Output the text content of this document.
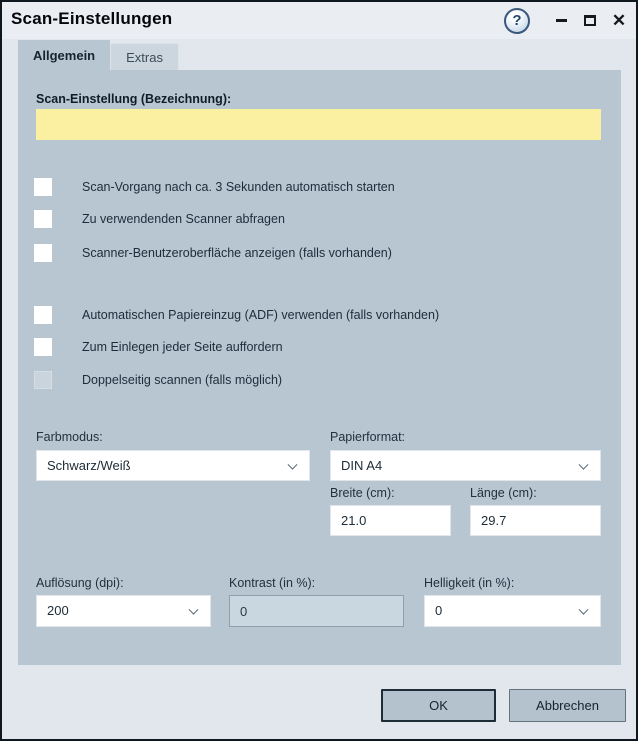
Scan-Einstellungen	?	✕
Allgemein	Extras
Scan-Einstellung (Bezeichnung):
Scan-Vorgang nach ca. 3 Sekunden automatisch starten
Zu verwendenden Scanner abfragen
Scanner-Benutzeroberfläche anzeigen (falls vorhanden)
Automatischen Papiereinzug (ADF) verwenden (falls vorhanden)
Zum Einlegen jeder Seite auffordern
Doppelseitig scannen (falls möglich)
Farbmodus:
Schwarz/Weiß
Papierformat:
DIN A4
Breite (cm):
21.0	Länge (cm):
29.7
Auflösung (dpi):
200
Kontrast (in %):
0	Helligkeit (in %):
0
OK	Abbrechen
